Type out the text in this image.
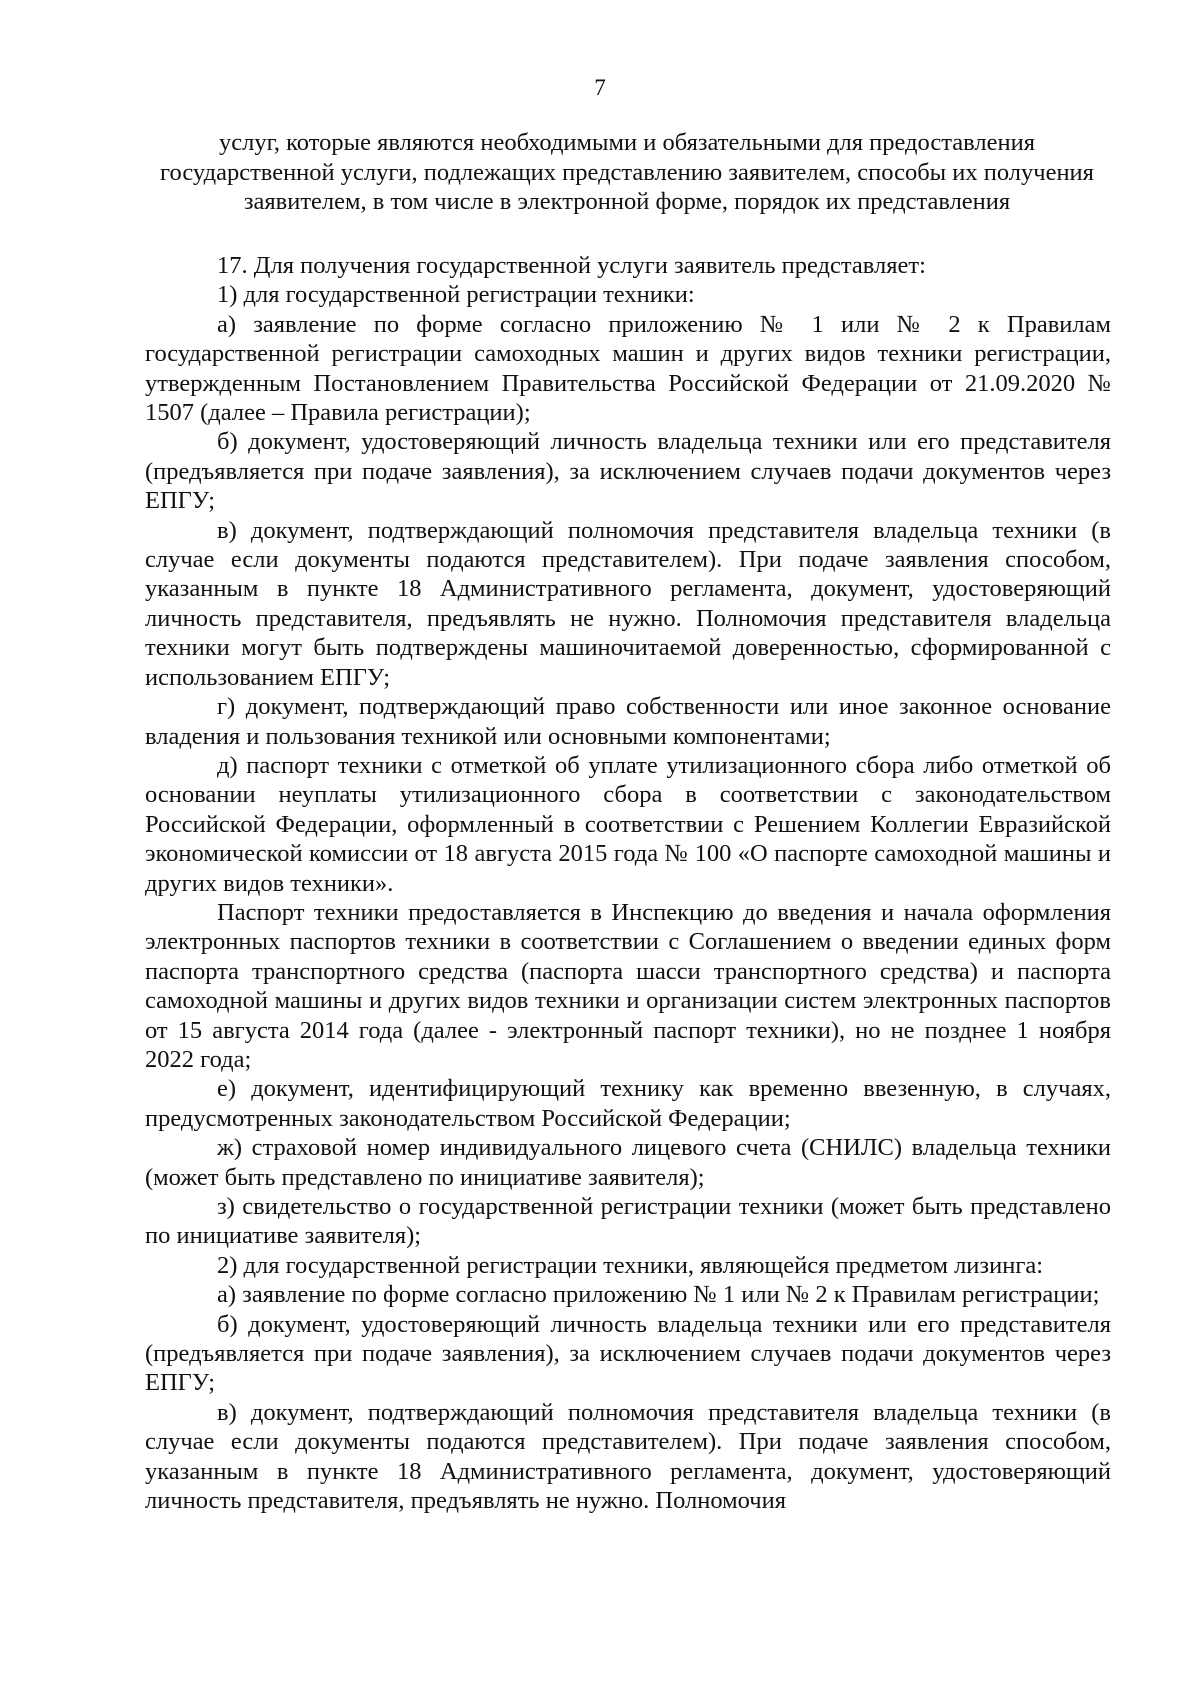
7
услуг, которые являются необходимыми и обязательными для предоставления государственной услуги, подлежащих представлению заявителем, способы их получения заявителем, в том числе в электронной форме, порядок их представления

17. Для получения государственной услуги заявитель представляет:

1) для государственной регистрации техники:

а) заявление по форме согласно приложению № 1 или № 2 к Правилам государственной регистрации самоходных машин и других видов техники регистрации, утвержденным Постановлением Правительства Российской Федерации от 21.09.2020 № 1507 (далее – Правила регистрации);

б) документ, удостоверяющий личность владельца техники или его представителя (предъявляется при подаче заявления), за исключением случаев подачи документов через ЕПГУ;

в) документ, подтверждающий полномочия представителя владельца техники (в случае если документы подаются представителем). При подаче заявления способом, указанным в пункте 18 Административного регламента, документ, удостоверяющий личность представителя, предъявлять не нужно. Полномочия представителя владельца техники могут быть подтверждены машиночитаемой доверенностью, сформированной с использованием ЕПГУ;

г) документ, подтверждающий право собственности или иное законное основание владения и пользования техникой или основными компонентами;

д) паспорт техники с отметкой об уплате утилизационного сбора либо отметкой об основании неуплаты утилизационного сбора в соответствии с законодательством Российской Федерации, оформленный в соответствии с Решением Коллегии Евразийской экономической комиссии от 18 августа 2015 года № 100 «О паспорте самоходной машины и других видов техники».

Паспорт техники предоставляется в Инспекцию до введения и начала оформления электронных паспортов техники в соответствии с Соглашением о введении единых форм паспорта транспортного средства (паспорта шасси транспортного средства) и паспорта самоходной машины и других видов техники и организации систем электронных паспортов от 15 августа 2014 года (далее - электронный паспорт техники), но не позднее 1 ноября 2022 года;

е) документ, идентифицирующий технику как временно ввезенную, в случаях, предусмотренных законодательством Российской Федерации;

ж) страховой номер индивидуального лицевого счета (СНИЛС) владельца техники (может быть представлено по инициативе заявителя);

з) свидетельство о государственной регистрации техники (может быть представлено по инициативе заявителя);

2) для государственной регистрации техники, являющейся предметом лизинга:

а) заявление по форме согласно приложению № 1 или № 2 к Правилам регистрации;

б) документ, удостоверяющий личность владельца техники или его представителя (предъявляется при подаче заявления), за исключением случаев подачи документов через ЕПГУ;

в) документ, подтверждающий полномочия представителя владельца техники (в случае если документы подаются представителем). При подаче заявления способом, указанным в пункте 18 Административного регламента, документ, удостоверяющий личность представителя, предъявлять не нужно. Полномочия
